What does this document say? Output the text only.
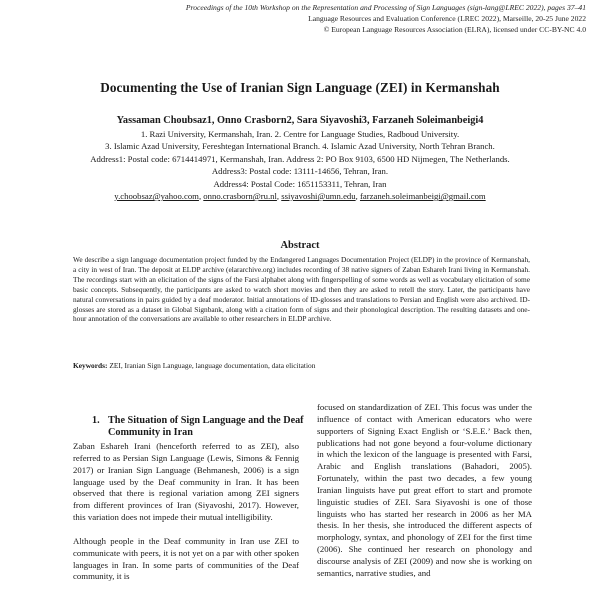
Proceedings of the 10th Workshop on the Representation and Processing of Sign Languages (sign-lang@LREC 2022), pages 37–41
Language Resources and Evaluation Conference (LREC 2022), Marseille, 20-25 June 2022
© European Language Resources Association (ELRA), licensed under CC-BY-NC 4.0
Documenting the Use of Iranian Sign Language (ZEI) in Kermanshah
Yassaman Choubsaz1, Onno Crasborn2, Sara Siyavoshi3, Farzaneh Soleimanbeigi4
1. Razi University, Kermanshah, Iran. 2. Centre for Language Studies, Radboud University.
3. Islamic Azad University, Fereshtegan International Branch. 4. Islamic Azad University, North Tehran Branch.
Address1: Postal code: 6714414971, Kermanshah, Iran. Address 2: PO Box 9103, 6500 HD Nijmegen, The Netherlands. Address3: Postal code: 13111-14656, Tehran, Iran.
Address4: Postal Code: 1651153311, Tehran, Iran
y.choobsaz@yahoo.com, onno.crasborn@ru.nl, ssiyavoshi@umn.edu, farzaneh.soleimanbeigi@gmail.com
Abstract
We describe a sign language documentation project funded by the Endangered Languages Documentation Project (ELDP) in the province of Kermanshah, a city in west of Iran. The deposit at ELDP archive (elararchive.org) includes recording of 38 native signers of Zaban Eshareh Irani living in Kermanshah. The recordings start with an elicitation of the signs of the Farsi alphabet along with fingerspelling of some words as well as vocabulary elicitation of some basic concepts. Subsequently, the participants are asked to watch short movies and then they are asked to retell the story. Later, the participants have natural conversations in pairs guided by a deaf moderator. Initial annotations of ID-glosses and translations to Persian and English were also archived. ID-glosses are stored as a dataset in Global Signbank, along with a citation form of signs and their phonological description. The resulting datasets and one-hour annotation of the conversations are available to other researchers in ELDP archive.
Keywords: ZEI, Iranian Sign Language, language documentation, data elicitation
1. The Situation of Sign Language and the Deaf Community in Iran

Zaban Eshareh Irani (henceforth referred to as ZEI), also referred to as Persian Sign Language (Lewis, Simons & Fennig 2017) or Iranian Sign Language (Behmanesh, 2006) is a sign language used by the Deaf community in Iran. It has been observed that there is regional variation among ZEI signers from different provinces of Iran (Siyavoshi, 2017). However, this variation does not impede their mutual intelligibility.

Although people in the Deaf community in Iran use ZEI to communicate with peers, it is not yet on a par with other spoken languages in Iran. In some parts of communities of the Deaf community, it is

focused on standardization of ZEI. This focus was under the influence of contact with American educators who were supporters of Signing Exact English or ‘S.E.E.’ Back then, publications had not gone beyond a four-volume dictionary in which the lexicon of the language is presented with Farsi, Arabic and English translations (Bahadori, 2005). Fortunately, within the past two decades, a few young Iranian linguists have put great effort to start and promote linguistic studies of ZEI. Sara Siyavoshi is one of those linguists who has started her research in 2006 as her MA thesis. In her thesis, she introduced the different aspects of morphology, syntax, and phonology of ZEI for the first time (2006). She continued her research on phonology and discourse analysis of ZEI (2009) and now she is working on semantics, narrative studies, and
